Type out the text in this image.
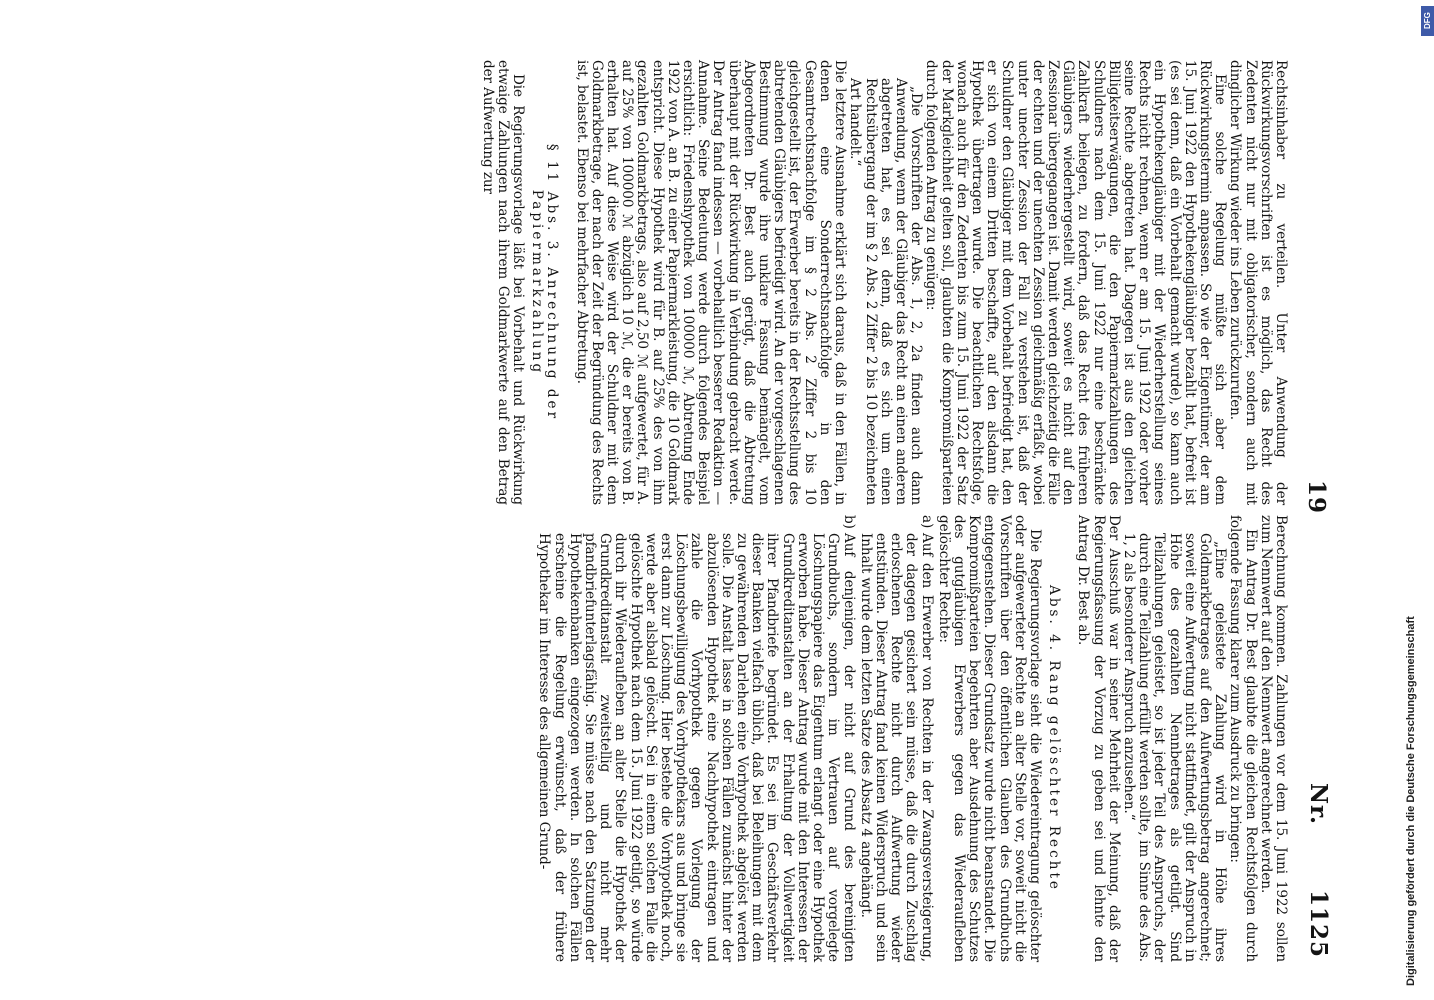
19
Nr.
1125

Rechtsinhaber zu verteilen. Unter Anwendung der Rückwirkungsvorschriften ist es möglich, das Recht des Zedenten nicht nur mit obligatorischer, sondern auch mit dinglicher Wirkung wieder ins Leben zurückzurufen.

Eine solche Regelung müßte sich aber dem Rückwirkungstermin anpassen. So wie der Eigentümer, der am 15. Juni 1922 den Hypothekengläubiger bezahlt hat, befreit ist (es sei denn, daß ein Vorbehalt gemacht wurde), so kann auch ein Hypothekengläubiger mit der Wiederherstellung seines Rechts nicht rechnen, wenn er am 15. Juni 1922 oder vorher seine Rechte abgetreten hat. Dagegen ist aus den gleichen Billigkeitserwägungen, die den Papiermarkzahlungen des Schuldners nach dem 15. Juni 1922 nur eine beschränkte Zahlkraft beilegen, zu fordern, daß das Recht des früheren Gläubigers wiederhergestellt wird, soweit es nicht auf den Zessionar übergegangen ist. Damit werden gleichzeitig die Fälle der echten und der unechten Zession gleichmäßig erfaßt, wobei unter unechter Zession der Fall zu verstehen ist, daß der Schuldner den Gläubiger mit dem Vorbehalt befriedigt hat, den er sich von einem Dritten beschaffte, auf den alsdann die Hypothek übertragen wurde. Die beachtlichen Rechtsfolge, wonach auch für den Zedenten bis zum 15. Juni 1922 der Satz der Markgleichheit gelten soll, glaubten die Kompromißparteien durch folgenden Antrag zu genügen:

„Die Vorschriften der Abs. 1, 2, 2a finden auch dann Anwendung, wenn der Gläubiger das Recht an einen anderen abgetreten hat, es sei denn, daß es sich um einen Rechtsübergang der im § 2 Abs. 2 Ziffer 2 bis 10 bezeichneten Art handelt.“

Die letztere Ausnahme erklärt sich daraus, daß in den Fällen, in denen eine Sonderrechtsnachfolge in den Gesamtrechtsnachfolge im § 2 Abs. 2 Ziffer 2 bis 10 gleichgestellt ist, der Erwerber bereits in der Rechtsstellung des abtretenden Gläubigers befriedigt wird. An der vorgeschlagenen Bestimmung wurde ihre unklare Fassung bemängelt, vom Abgeordneten Dr. Best auch gerügt, daß die Abtretung überhaupt mit der Rückwirkung in Verbindung gebracht werde. Der Antrag fand indessen — vorbehaltlich besserer Redaktion — Annahme. Seine Bedeutung werde durch folgendes Beispiel ersichtlich: Friedenshypothek von 100000 ℳ, Abtretung Ende 1922 von A. an B. zu einer Papiermarkleistung, die 10 Goldmark entspricht. Diese Hypothek wird für B. auf 25% des von ihm gezahlten Goldmarkbetrags, also auf 2,50 ℳ aufgewertet, für A. auf 25% von 100000 ℳ abzüglich 10 ℳ, die er bereits von B. erhalten hat. Auf diese Weise wird der Schuldner mit dem Goldmarkbetrage, der nach der Zeit der Begründung des Rechts ist, belastet. Ebenso bei mehrfacher Abtretung.

§ 11 Abs. 3. Anrechnung der Papiermarkzahlung

Die Regierungsvorlage läßt bei Vorbehalt und Rückwirkung etwaige Zahlungen nach ihrem Goldmarkwerte auf den Betrag der Aufwertung zur

Berechnung kommen. Zahlungen vor dem 15. Juni 1922 sollen zum Nennwert auf den Nennwert angerechnet werden.

Ein Antrag Dr. Best glaubte die gleichen Rechtsfolgen durch folgende Fassung klarer zum Ausdruck zu bringen:

„Eine geleistete Zahlung wird in Höhe ihres Goldmarkbetrages auf den Aufwertungsbetrag angerechnet; soweit eine Aufwertung nicht stattfindet, gilt der Anspruch in Höhe des gezahlten Nennbetrages als getilgt. Sind Teilzahlungen geleistet, so ist jeder Teil des Anspruchs, der durch eine Teilzahlung erfüllt werden sollte, im Sinne des Abs. 1, 2 als besonderer Anspruch anzusehen.“

Der Ausschuß war in seiner Mehrheit der Meinung, daß der Regierungsfassung der Vorzug zu geben sei und lehnte den Antrag Dr. Best ab.

Abs. 4. Rang gelöschter Rechte

Die Regierungsvorlage sieht die Wiedereintragung gelöschter oder aufgewerteter Rechte an alter Stelle vor, soweit nicht die Vorschriften über den öffentlichen Glauben des Grundbuchs entgegenstehen. Dieser Grundsatz wurde nicht beanstandet. Die Kompromißparteien begehrten aber Ausdehnung des Schutzes des gutgläubigen Erwerbers gegen das Wiederaufleben gelöschter Rechte:

a)
Auf den Erwerber von Rechten in der Zwangsversteigerung, der dagegen gesichert sein müsse, daß die durch Zuschlag erloschenen Rechte nicht durch Aufwertung wieder entstünden. Dieser Antrag fand keinen Widerspruch und sein Inhalt wurde dem letzten Satze des Absatz 4 angehängt.
b)
Auf denjenigen, der nicht auf Grund des bereinigten Grundbuchs, sondern im Vertrauen auf vorgelegte Löschungspapiere das Eigentum erlangt oder eine Hypothek erworben habe. Dieser Antrag wurde mit den Interessen der Grundkreditanstalten an der Erhaltung der Vollwertigkeit ihrer Pfandbriefe begründet. Es sei im Geschäftsverkehr dieser Banken vielfach üblich, daß bei Beleihungen mit dem zu gewährenden Darlehen eine Vorhypothek abgelöst werden solle. Die Anstalt lasse in solchen Fällen zunächst hinter der abzulösenden Hypothek eine Nachhypothek eintragen und zahle die Vorhypothek gegen Vorlegung der Löschungsbewilligung des Vorhypothekars aus und bringe sie erst dann zur Löschung. Hier bestehe die Vorhypothek noch, werde aber alsbald gelöscht. Sei in einem solchen Falle die gelöschte Hypothek nach dem 15. Juni 1922 getilgt, so würde durch ihr Wiederaufleben an alter Stelle die Hypothek der Grundkreditanstalt zweitstellig und nicht mehr pfandbriefunterlagsfähig. Sie müsse nach den Satzungen der Hypothekenbanken eingezogen werden. In solchen Fällen erscheine die Regelung erwünscht, daß der frühere Hypothekar im Interesse des allgemeinen Grund-	Digitalisierung gefördert durch die Deutsche Forschungsgemeinschaft
DFG
